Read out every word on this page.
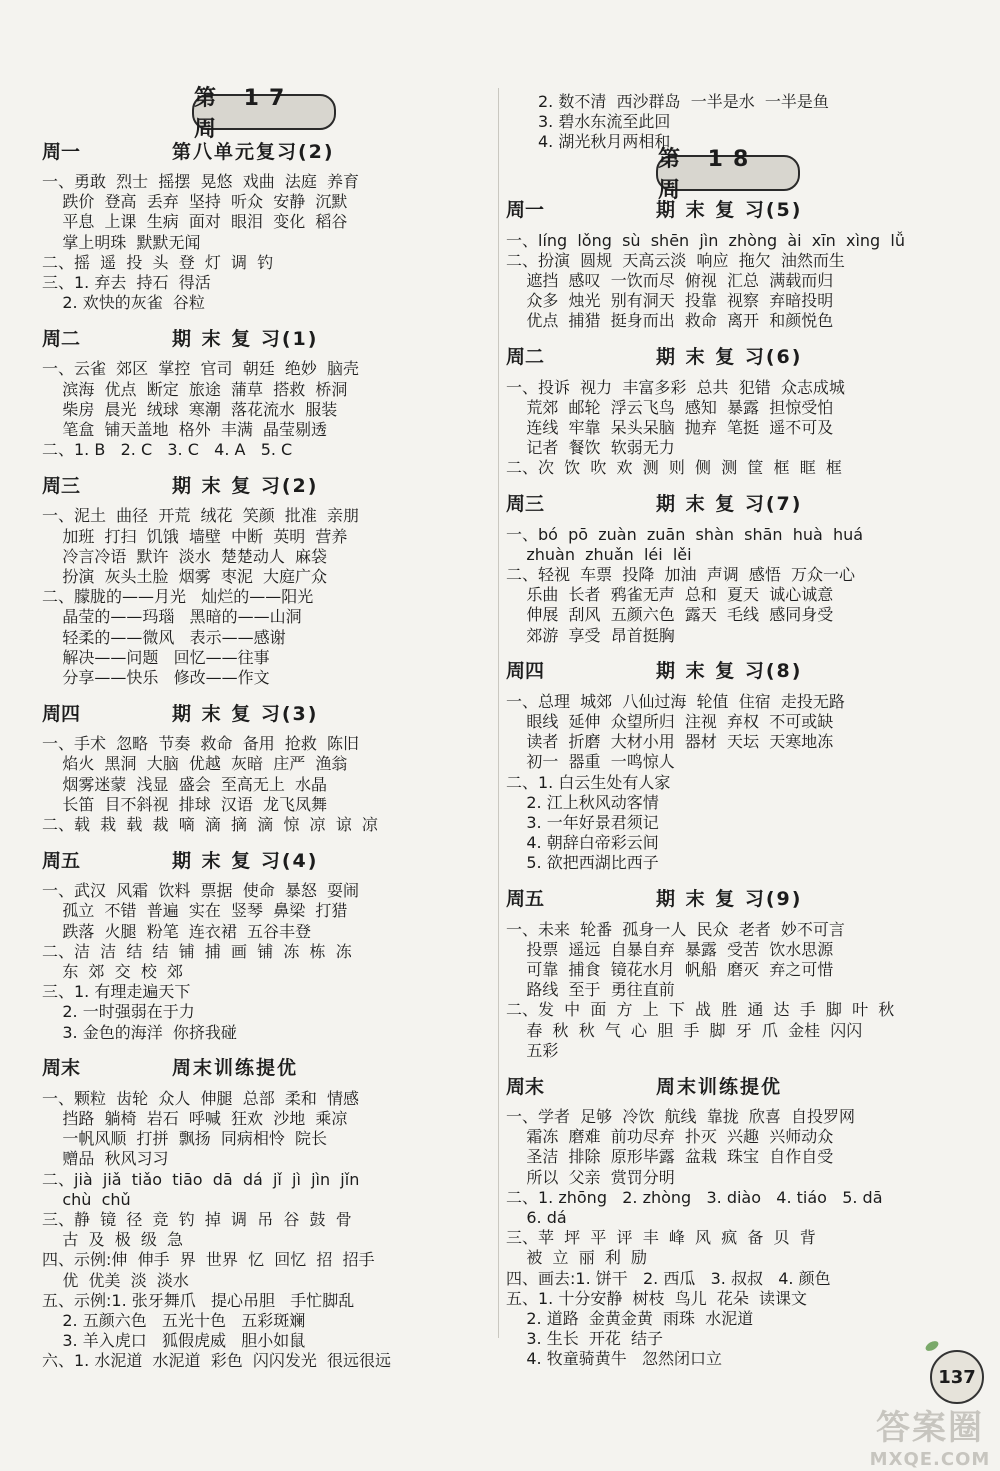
第 17 周
周一	第八单元复习(2)
一、勇敢  烈士  摇摆  晃悠  戏曲  法庭  养育
跌价  登高  丢弃  坚持  听众  安静  沉默
平息  上课  生病  面对  眼泪  变化  稻谷
掌上明珠  默默无闻
二、摇  遥  投  头  登  灯  调  钓
三、1. 弃去  持石  得活
2. 欢快的灰雀  谷粒
周二	期 末 复 习(1)
一、云雀  郊区  掌控  官司  朝廷  绝妙  脑壳
滨海  优点  断定  旅途  蒲草  搭救  桥洞
柴房  晨光  绒球  寒潮  落花流水  服装
笔盒  铺天盖地  格外  丰满  晶莹剔透
二、1. B   2. C   3. C   4. A   5. C
周三	期 末 复 习(2)
一、泥土  曲径  开荒  绒花  笑颜  批准  亲朋
加班  打扫  饥饿  墙壁  中断  英明  营养
冷言冷语  默许  淡水  楚楚动人  麻袋
扮演  灰头土脸  烟雾  枣泥  大庭广众
二、朦胧的——月光   灿烂的——阳光
晶莹的——玛瑙   黑暗的——山洞
轻柔的——微风   表示——感谢
解决——问题   回忆——往事
分享——快乐   修改——作文
周四	期 末 复 习(3)
一、手术  忽略  节奏  救命  备用  抢救  陈旧
焰火  黑洞  大脑  优越  灰暗  庄严  渔翁
烟雾迷蒙  浅显  盛会  至高无上  水晶
长笛  目不斜视  排球  汉语  龙飞凤舞
二、载  栽  载  裁  嘀  滴  摘  滴  惊  凉  谅  凉
周五	期 末 复 习(4)
一、武汉  风霜  饮料  票据  使命  暴怒  耍闹
孤立  不错  普遍  实在  竖琴  鼻梁  打猎
跌落  火腿  粉笔  连衣裙  五谷丰登
二、洁  洁  结  结  铺  捕  画  铺  冻  栋  冻
东  郊  交  校  郊
三、1. 有理走遍天下
2. 一时强弱在于力
3. 金色的海洋  你挤我碰
周末	周末训练提优
一、颗粒  齿轮  众人  伸腿  总部  柔和  情感
挡路  躺椅  岩石  呼喊  狂欢  沙地  乘凉
一帆风顺  打拼  飘扬  同病相怜  院长
赠品  秋风习习
二、jià  jiǎ  tiǎo  tiāo  dā  dá  jǐ  jì  jìn  jǐn
chù  chǔ
三、静  镜  径  竞  钓  掉  调  吊  谷  鼓  骨
古  及  极  级  急
四、示例:伸  伸手  界  世界  忆  回忆  招  招手
优  优美  淡  淡水
五、示例:1. 张牙舞爪   提心吊胆   手忙脚乱
2. 五颜六色   五光十色   五彩斑斓
3. 羊入虎口   狐假虎威   胆小如鼠
六、1. 水泥道  水泥道  彩色  闪闪发光  很远很远
2. 数不清  西沙群岛  一半是水  一半是鱼
3. 碧水东流至此回
4. 湖光秋月两相和
第 18 周
周一	期 末 复 习(5)
一、líng  lǒng  sù  shēn  jìn  zhòng  ài  xīn  xìng  lǚ
二、扮演  圆规  天高云淡  响应  拖欠  油然而生
遮挡  感叹  一饮而尽  俯视  汇总  满载而归
众多  烛光  别有洞天  投靠  视察  弃暗投明
优点  捕猎  挺身而出  救命  离开  和颜悦色
周二	期 末 复 习(6)
一、投诉  视力  丰富多彩  总共  犯错  众志成城
荒郊  邮轮  浮云飞鸟  感知  暴露  担惊受怕
连线  牢靠  呆头呆脑  抛弃  笔挺  遥不可及
记者  餐饮  软弱无力
二、次  饮  吹  欢  测  则  侧  测  筐  框  眶  框
周三	期 末 复 习(7)
一、bó  pō  zuàn  zuān  shàn  shān  huà  huá
zhuàn  zhuǎn  léi  lěi
二、轻视  车票  投降  加油  声调  感悟  万众一心
乐曲  长者  鸦雀无声  总和  夏天  诚心诚意
伸展  刮风  五颜六色  露天  毛线  感同身受
郊游  享受  昂首挺胸
周四	期 末 复 习(8)
一、总理  城郊  八仙过海  轮值  住宿  走投无路
眼线  延伸  众望所归  注视  弃权  不可或缺
读者  折磨  大材小用  器材  天坛  天寒地冻
初一  器重  一鸣惊人
二、1. 白云生处有人家
2. 江上秋风动客情
3. 一年好景君须记
4. 朝辞白帝彩云间
5. 欲把西湖比西子
周五	期 末 复 习(9)
一、未来  轮番  孤身一人  民众  老者  妙不可言
投票  遥远  自暴自弃  暴露  受苦  饮水思源
可靠  捕食  镜花水月  帆船  磨灭  弃之可惜
路线  至于  勇往直前
二、发  中  面  方  上  下  战  胜  通  达  手  脚  叶  秋
春  秋  秋  气  心  胆  手  脚  牙  爪  金桂  闪闪
五彩
周末	周末训练提优
一、学者  足够  冷饮  航线  靠拢  欣喜  自投罗网
霜冻  磨难  前功尽弃  扑灭  兴趣  兴师动众
圣洁  排除  原形毕露  盆栽  珠宝  自作自受
所以  父亲  赏罚分明
二、1. zhōng   2. zhòng   3. diào   4. tiáo   5. dā
6. dá
三、苹  坪  平  评  丰  峰  风  疯  备  贝  背
被  立  丽  利  励
四、画去:1. 饼干   2. 西瓜   3. 叔叔   4. 颜色
五、1. 十分安静  树枝  鸟儿  花朵  读课文
2. 道路  金黄金黄  雨珠  水泥道
3. 生长  开花  结子
4. 牧童骑黄牛   忽然闭口立
137
答案圈
MXQE.COM
